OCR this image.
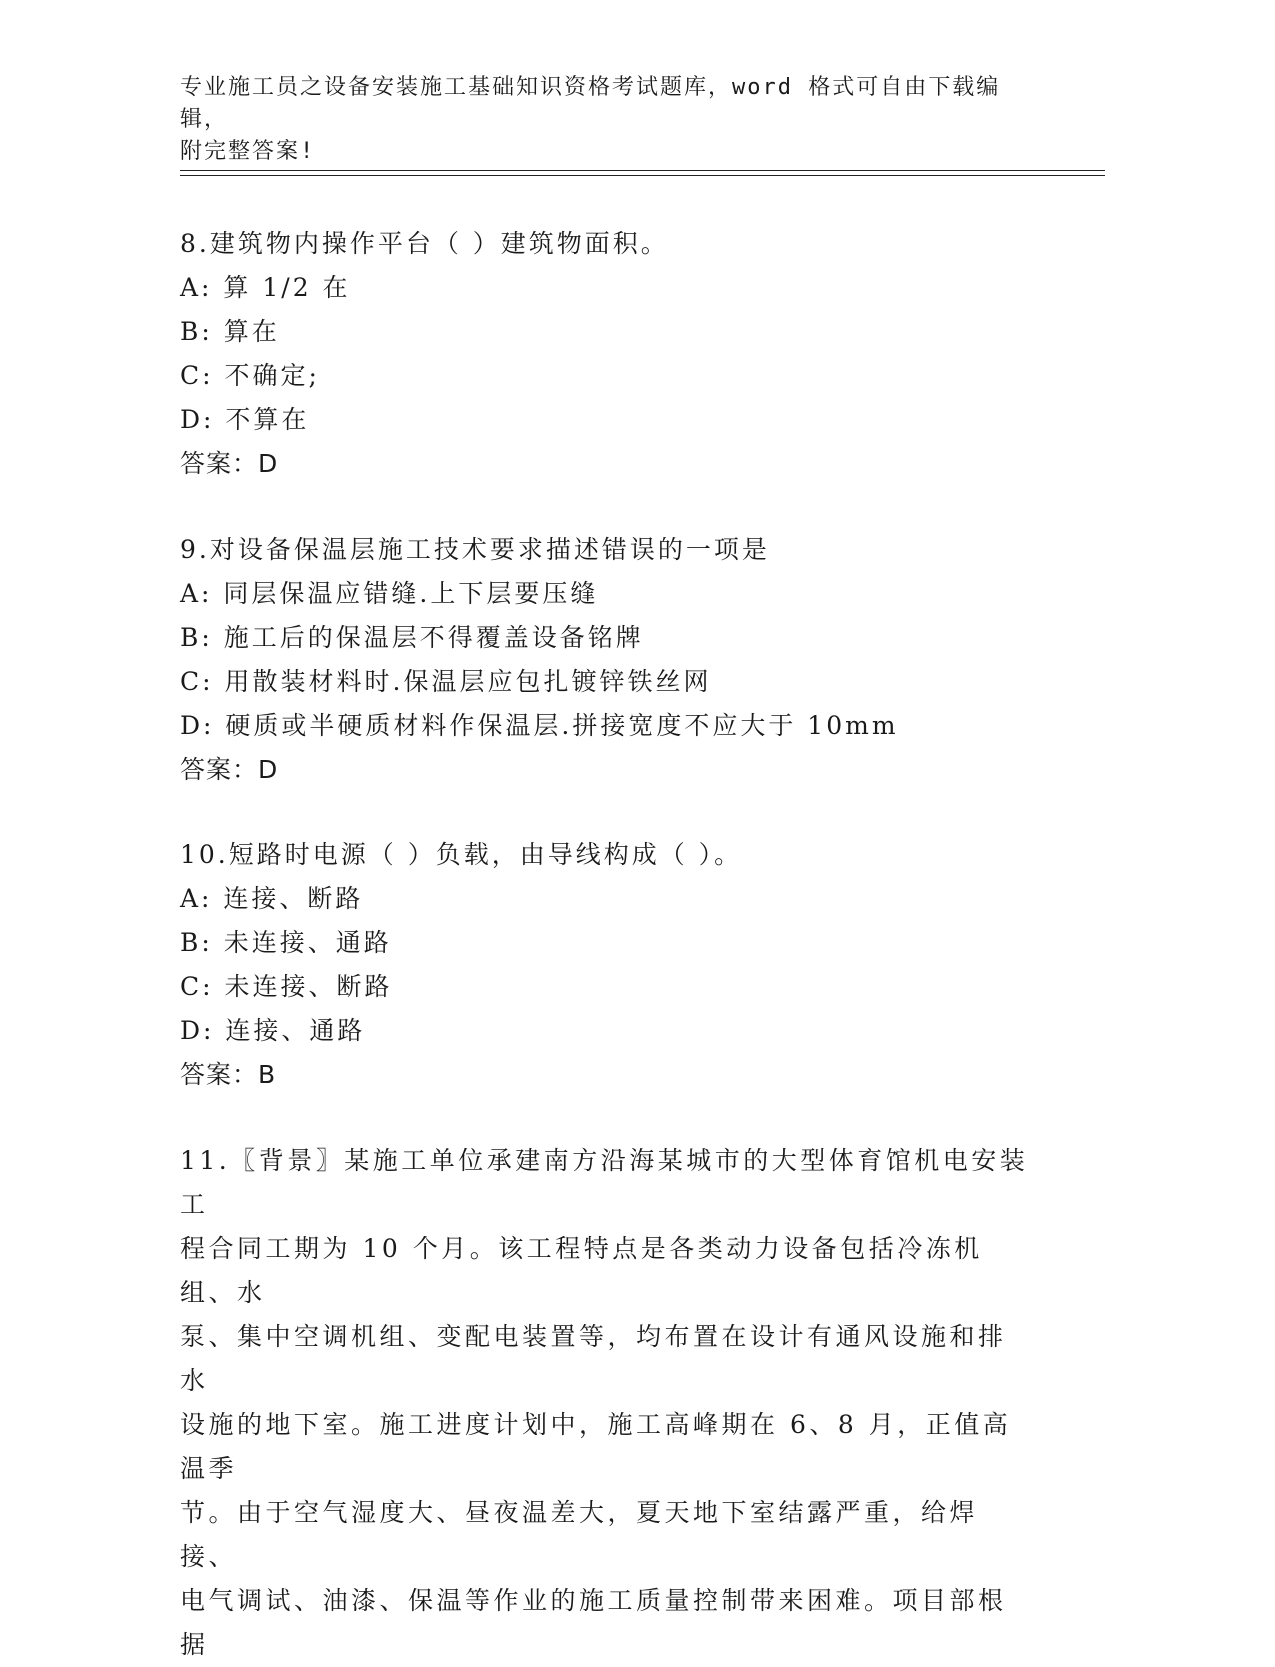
专业施工员之设备安装施工基础知识资格考试题库，word 格式可自由下载编辑，
附完整答案!
8.建筑物内操作平台（ ）建筑物面积。
A: 算 1/2 在
B: 算在
C: 不确定;
D: 不算在
答案：D
9.对设备保温层施工技术要求描述错误的一项是
A: 同层保温应错缝.上下层要压缝
B: 施工后的保温层不得覆盖设备铭牌
C: 用散装材料时.保温层应包扎镀锌铁丝网
D: 硬质或半硬质材料作保温层.拼接宽度不应大于 10mm
答案：D
10.短路时电源（ ）负载，由导线构成（ ）。
A: 连接、断路
B: 未连接、通路
C: 未连接、断路
D: 连接、通路
答案：B
11.〖背景〗某施工单位承建南方沿海某城市的大型体育馆机电安装工
程合同工期为 10 个月。该工程特点是各类动力设备包括冷冻机组、水
泵、集中空调机组、变配电装置等，均布置在设计有通风设施和排水
设施的地下室。施工进度计划中，施工高峰期在 6、8 月，正值高温季
节。由于空气湿度大、昼夜温差大，夏天地下室结露严重，给焊接、
电气调试、油漆、保温等作业的施工质量控制带来困难。项目部根据
